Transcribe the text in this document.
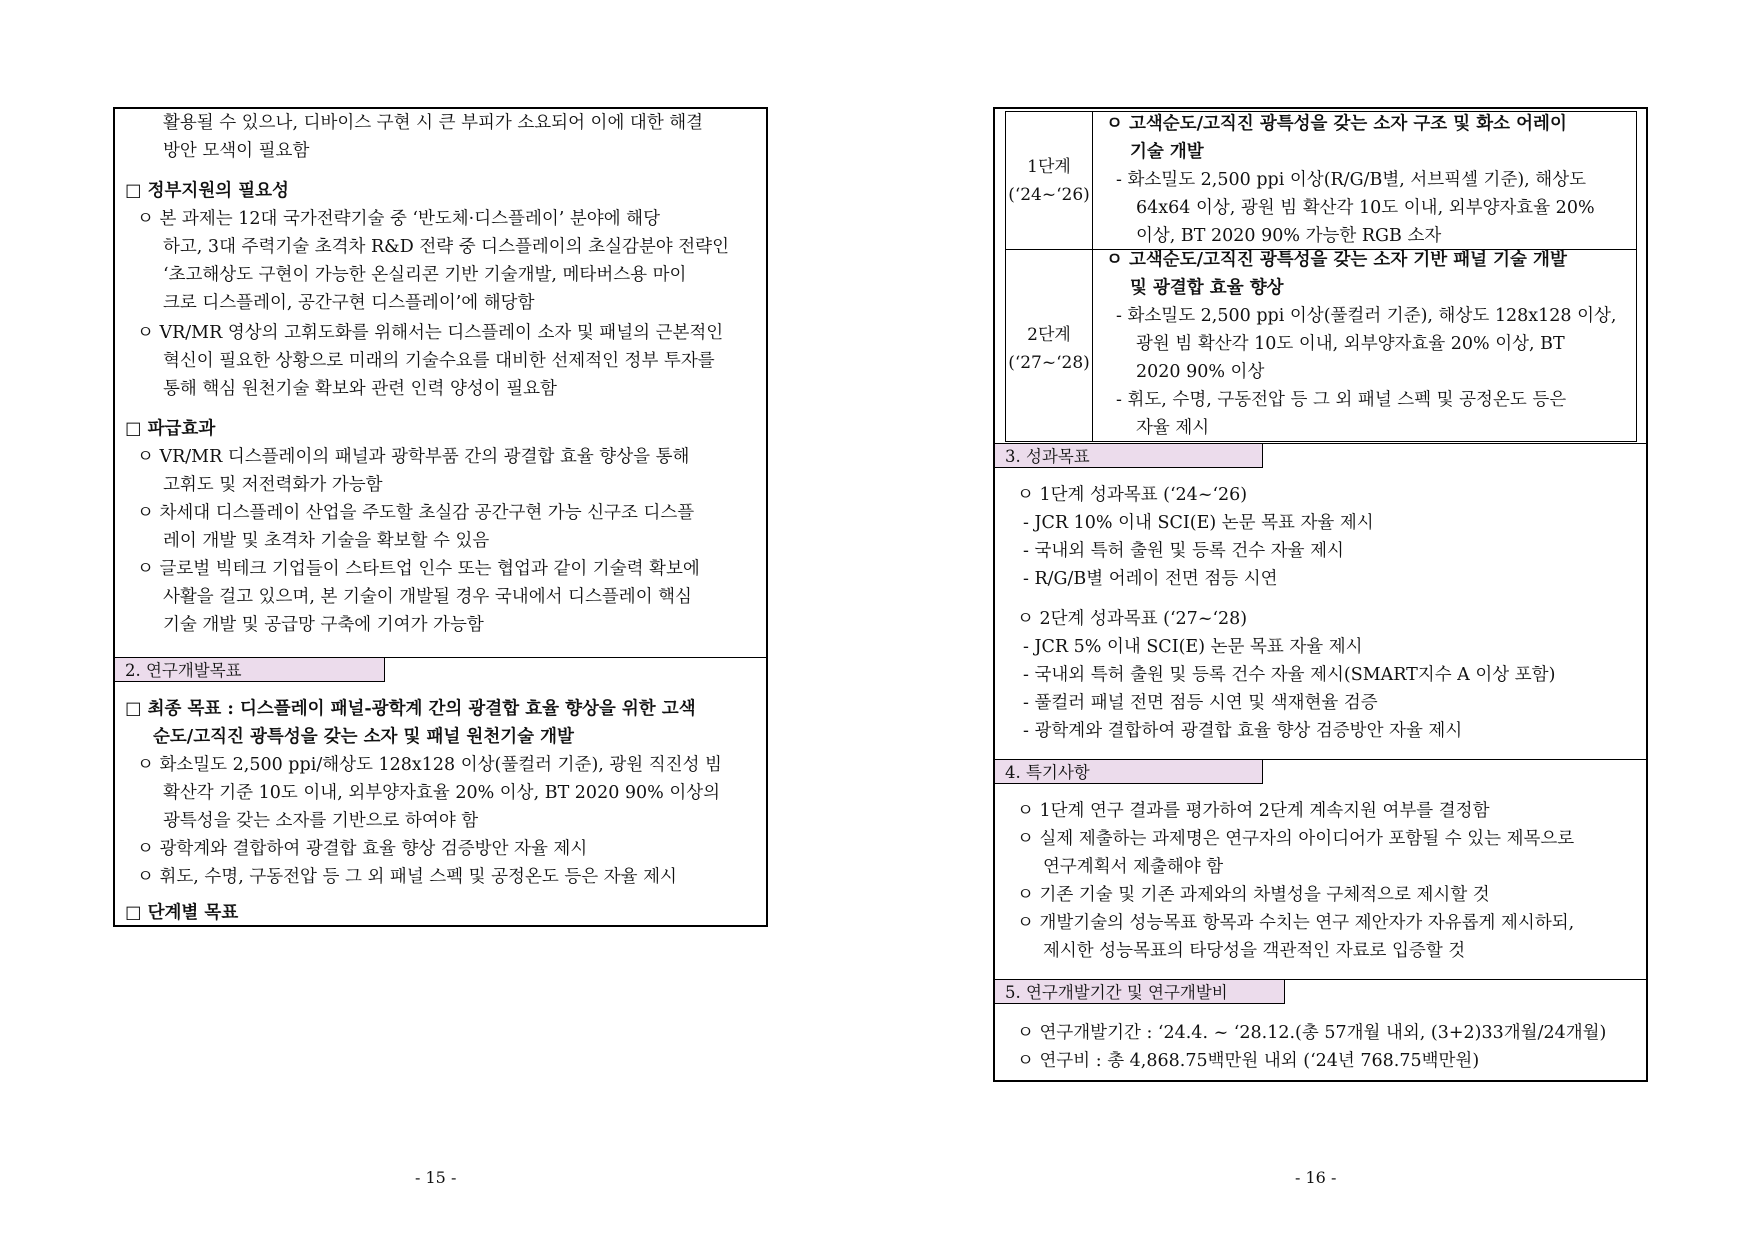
활용될 수 있으나, 디바이스 구현 시 큰 부피가 소요되어 이에 대한 해결
방안 모색이 필요함
□ 정부지원의 필요성
ㅇ 본 과제는 12대 국가전략기술 중 ‘반도체·디스플레이’ 분야에 해당
하고, 3대 주력기술 초격차 R&D 전략 중 디스플레이의 초실감분야 전략인
‘초고해상도 구현이 가능한 온실리콘 기반 기술개발, 메타버스용 마이
크로 디스플레이, 공간구현 디스플레이’에 해당함
ㅇ VR/MR 영상의 고휘도화를 위해서는 디스플레이 소자 및 패널의 근본적인
혁신이 필요한 상황으로 미래의 기술수요를 대비한 선제적인 정부 투자를
통해 핵심 원천기술 확보와 관련 인력 양성이 필요함
□ 파급효과
ㅇ VR/MR 디스플레이의 패널과 광학부품 간의 광결합 효율 향상을 통해
고휘도 및 저전력화가 가능함
ㅇ 차세대 디스플레이 산업을 주도할 초실감 공간구현 가능 신구조 디스플
레이 개발 및 초격차 기술을 확보할 수 있음
ㅇ 글로벌 빅테크 기업들이 스타트업 인수 또는 협업과 같이 기술력 확보에
사활을 걸고 있으며, 본 기술이 개발될 경우 국내에서 디스플레이 핵심
기술 개발 및 공급망 구축에 기여가 가능함
2. 연구개발목표
□ 최종 목표 : 디스플레이 패널-광학계 간의 광결합 효율 향상을 위한 고색
순도/고직진 광특성을 갖는 소자 및 패널 원천기술 개발
ㅇ 화소밀도 2,500 ppi/해상도 128x128 이상(풀컬러 기준), 광원 직진성 빔
확산각 기준 10도 이내, 외부양자효율 20% 이상, BT 2020 90% 이상의
광특성을 갖는 소자를 기반으로 하여야 함
ㅇ 광학계와 결합하여 광결합 효율 향상 검증방안 자율 제시
ㅇ 휘도, 수명, 구동전압 등 그 외 패널 스펙 및 공정온도 등은 자율 제시
□ 단계별 목표
- 15 -
1단계
(‘24~‘26)
ㅇ 고색순도/고직진 광특성을 갖는 소자 구조 및 화소 어레이
기술 개발
- 화소밀도 2,500 ppi 이상(R/G/B별, 서브픽셀 기준), 해상도
64x64 이상, 광원 빔 확산각 10도 이내, 외부양자효율 20%
이상, BT 2020 90% 가능한 RGB 소자
2단계
(‘27~‘28)
ㅇ 고색순도/고직진 광특성을 갖는 소자 기반 패널 기술 개발
및 광결합 효율 향상
- 화소밀도 2,500 ppi 이상(풀컬러 기준), 해상도 128x128 이상,
광원 빔 확산각 10도 이내, 외부양자효율 20% 이상, BT
2020 90% 이상
- 휘도, 수명, 구동전압 등 그 외 패널 스펙 및 공정온도 등은
자율 제시
3. 성과목표
ㅇ 1단계 성과목표 (‘24~‘26)
- JCR 10% 이내 SCI(E) 논문 목표 자율 제시
- 국내외 특허 출원 및 등록 건수 자율 제시
- R/G/B별 어레이 전면 점등 시연
ㅇ 2단계 성과목표 (‘27~‘28)
- JCR 5% 이내 SCI(E) 논문 목표 자율 제시
- 국내외 특허 출원 및 등록 건수 자율 제시(SMART지수 A 이상 포함)
- 풀컬러 패널 전면 점등 시연 및 색재현율 검증
- 광학계와 결합하여 광결합 효율 향상 검증방안 자율 제시
4. 특기사항
ㅇ 1단계 연구 결과를 평가하여 2단계 계속지원 여부를 결정함
ㅇ 실제 제출하는 과제명은 연구자의 아이디어가 포함될 수 있는 제목으로
연구계획서 제출해야 함
ㅇ 기존 기술 및 기존 과제와의 차별성을 구체적으로 제시할 것
ㅇ 개발기술의 성능목표 항목과 수치는 연구 제안자가 자유롭게 제시하되,
제시한 성능목표의 타당성을 객관적인 자료로 입증할 것
5. 연구개발기간 및 연구개발비
ㅇ 연구개발기간 : ‘24.4. ~ ‘28.12.(총 57개월 내외, (3+2)33개월/24개월)
ㅇ 연구비 : 총 4,868.75백만원 내외 (‘24년 768.75백만원)
- 16 -
